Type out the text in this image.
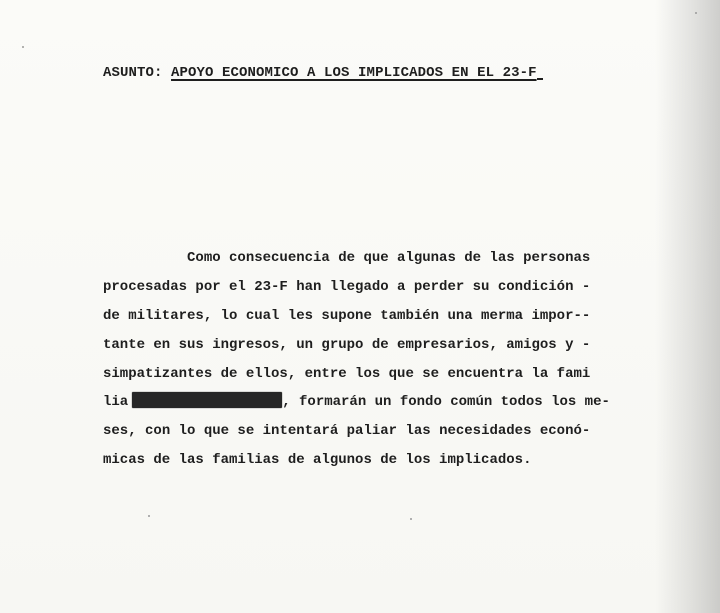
ASUNTO: APOYO ECONOMICO A LOS IMPLICADOS EN EL 23-F
Como consecuencia de que algunas de las personas
procesadas por el 23-F han llegado a perder su condición -
de militares, lo cual les supone también una merma impor--
tante en sus ingresos, un grupo de empresarios, amigos y -
simpatizantes de ellos, entre los que se encuentra la fami
lia	, formarán un fondo común todos los me-
ses, con lo que se intentará paliar las necesidades econó-
micas de las familias de algunos de los implicados.
